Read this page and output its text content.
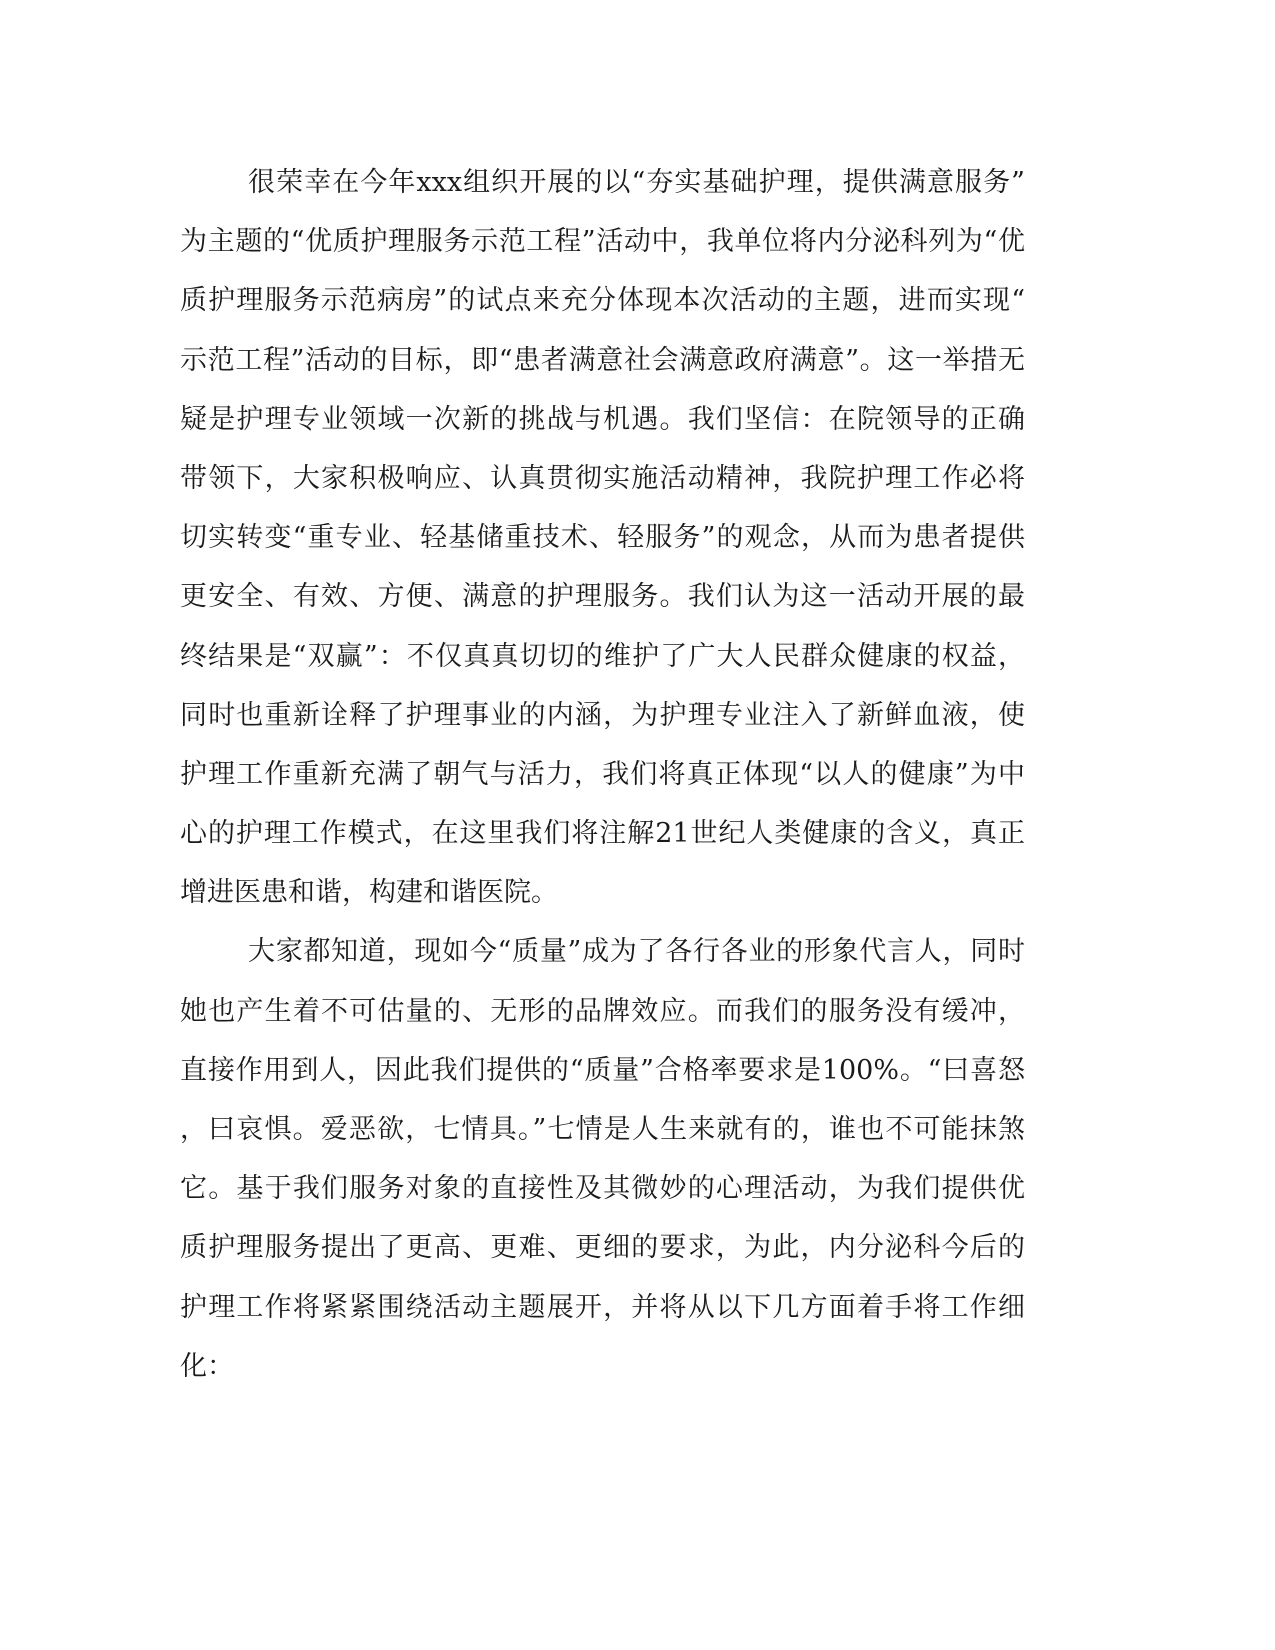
很荣幸在今年xxx组织开展的以“夯实基础护理，提供满意服务”
为主题的“优质护理服务示范工程”活动中，我单位将内分泌科列为“优
质护理服务示范病房”的试点来充分体现本次活动的主题，进而实现“
示范工程”活动的目标，即“患者满意社会满意政府满意”。这一举措无
疑是护理专业领域一次新的挑战与机遇。我们坚信：在院领导的正确
带领下，大家积极响应、认真贯彻实施活动精神，我院护理工作必将
切实转变“重专业、轻基储重技术、轻服务”的观念，从而为患者提供
更安全、有效、方便、满意的护理服务。我们认为这一活动开展的最
终结果是“双赢”：不仅真真切切的维护了广大人民群众健康的权益，
同时也重新诠释了护理事业的内涵，为护理专业注入了新鲜血液，使
护理工作重新充满了朝气与活力，我们将真正体现“以人的健康”为中
心的护理工作模式，在这里我们将注解21世纪人类健康的含义，真正
增进医患和谐，构建和谐医院。
大家都知道，现如今“质量”成为了各行各业的形象代言人，同时
她也产生着不可估量的、无形的品牌效应。而我们的服务没有缓冲，
直接作用到人，因此我们提供的“质量”合格率要求是100%。“曰喜怒
，曰哀惧。爱恶欲，七情具。”七情是人生来就有的，谁也不可能抹煞
它。基于我们服务对象的直接性及其微妙的心理活动，为我们提供优
质护理服务提出了更高、更难、更细的要求，为此，内分泌科今后的
护理工作将紧紧围绕活动主题展开，并将从以下几方面着手将工作细
化：
